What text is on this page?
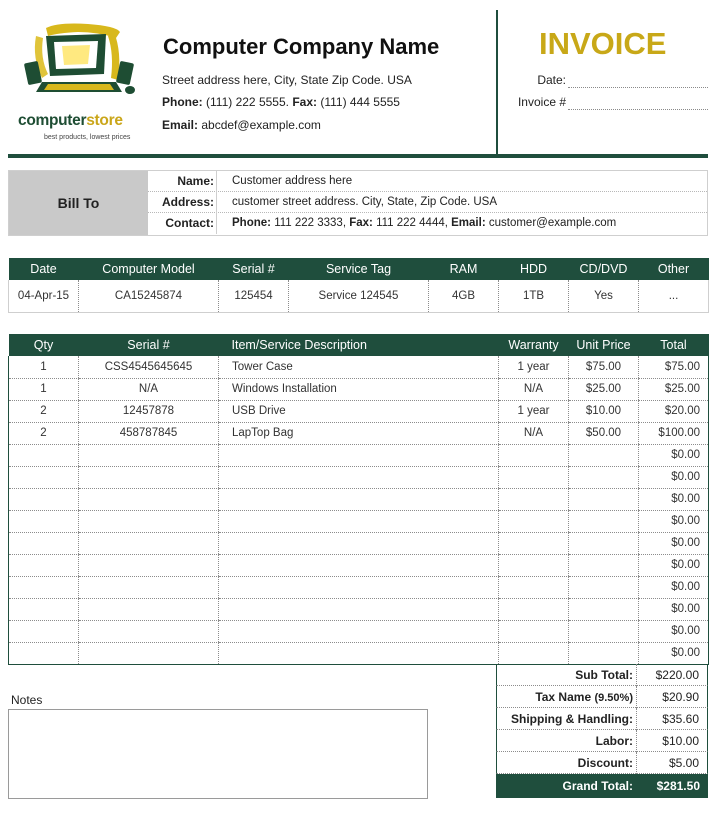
computerstore
best products, lowest prices
Computer Company Name
Street address here, City, State Zip Code. USA
Phone: (111) 222 5555. Fax: (111) 444 5555
Email: abcdef@example.com
INVOICE
Date:
Invoice #
Bill To
Name: Customer address here
Address: customer street address. City, State, Zip Code. USA
Contact: Phone: 111 222 3333, Fax: 111 222 4444, Email: customer@example.com
Date	Computer Model	Serial #	Service Tag	RAM	HDD	CD/DVD	Other
04-Apr-15	CA15245874	125454	Service 124545	4GB	1TB	Yes	...
Qty	Serial #	Item/Service Description	Warranty	Unit Price	Total
1	CSS4545645645	Tower Case	1 year	$75.00	$75.00
1	N/A	Windows Installation	N/A	$25.00	$25.00
2	12457878	USB Drive	1 year	$10.00	$20.00
2	458787845	LapTop Bag	N/A	$50.00	$100.00
					$0.00
					$0.00
					$0.00
					$0.00
					$0.00
					$0.00
					$0.00
					$0.00
					$0.00
					$0.00
Notes
Sub Total:	$220.00
Tax Name (9.50%)	$20.90
Shipping & Handling:	$35.60
Labor:	$10.00
Discount:	$5.00
Grand Total: $281.50
